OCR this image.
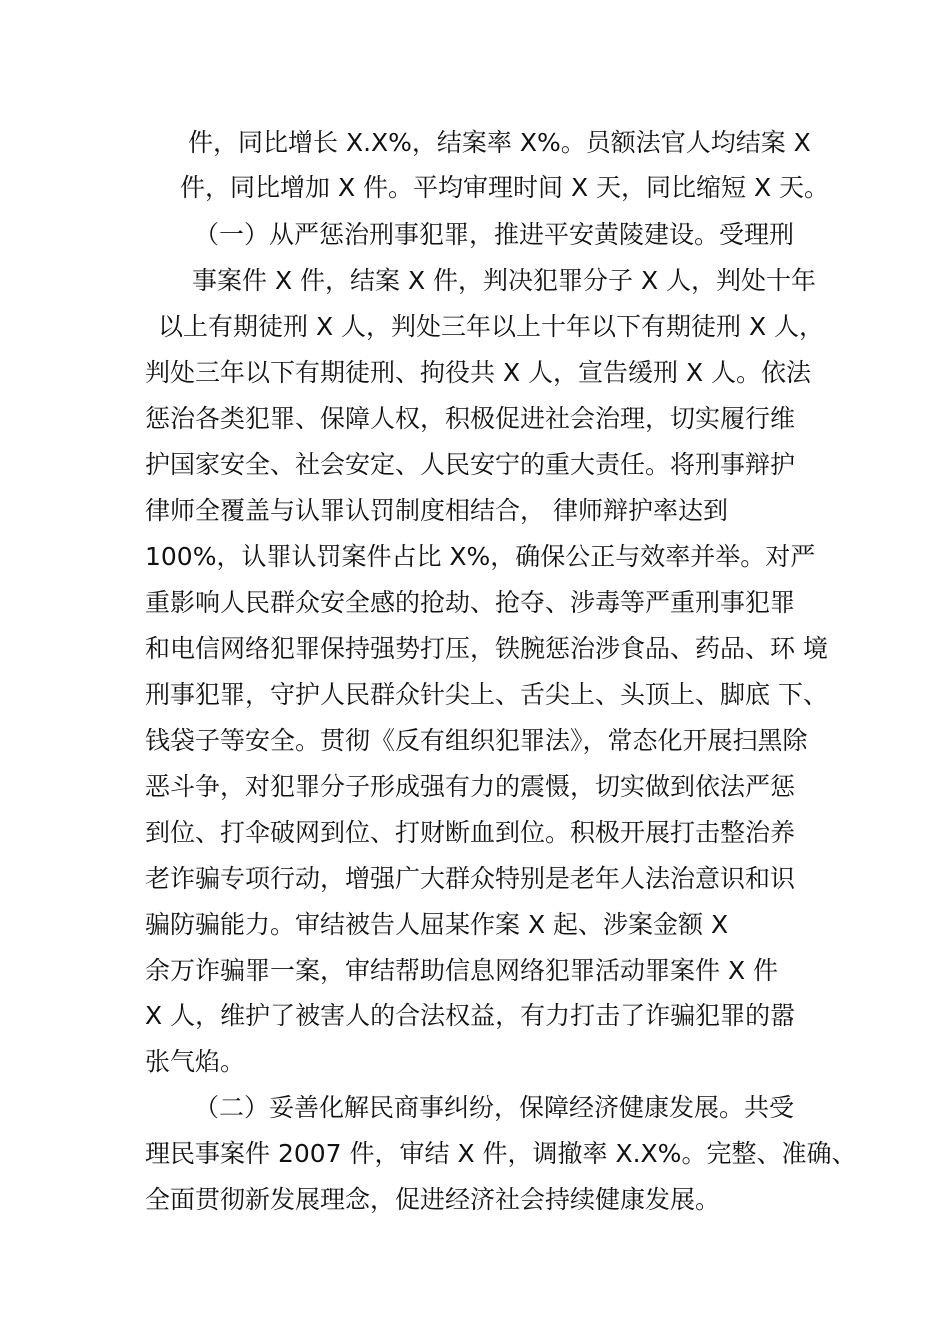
件，同比增长 X.X%，结案率 X%。员额法官人均结案 X
件，同比增加 X 件。平均审理时间 X 天，同比缩短 X 天。
（一）从严惩治刑事犯罪，推进平安黄陵建设。受理刑
事案件 X 件，结案 X 件，判决犯罪分子 X 人，判处十年
以上有期徒刑 X 人，判处三年以上十年以下有期徒刑 X 人，
判处三年以下有期徒刑、拘役共 X 人，宣告缓刑 X 人。依法
惩治各类犯罪、保障人权，积极促进社会治理，切实履行维
护国家安全、社会安定、人民安宁的重大责任。将刑事辩护
律师全覆盖与认罪认罚制度相结合， 律师辩护率达到
100%，认罪认罚案件占比 X%，确保公正与效率并举。对严
重影响人民群众安全感的抢劫、抢夺、涉毒等严重刑事犯罪
和电信网络犯罪保持强势打压，铁腕惩治涉食品、药品、环 境
刑事犯罪，守护人民群众针尖上、舌尖上、头顶上、脚底 下、
钱袋子等安全。贯彻《反有组织犯罪法》，常态化开展扫黑除
恶斗争，对犯罪分子形成强有力的震慑，切实做到依法严惩
到位、打伞破网到位、打财断血到位。积极开展打击整治养
老诈骗专项行动，增强广大群众特别是老年人法治意识和识
骗防骗能力。审结被告人屈某作案 X 起、涉案金额 X
余万诈骗罪一案，审结帮助信息网络犯罪活动罪案件 X 件
X 人，维护了被害人的合法权益，有力打击了诈骗犯罪的嚣
张气焰。
（二）妥善化解民商事纠纷，保障经济健康发展。共受
理民事案件 2007 件，审结 X 件，调撤率 X.X%。完整、准确、
全面贯彻新发展理念，促进经济社会持续健康发展。
